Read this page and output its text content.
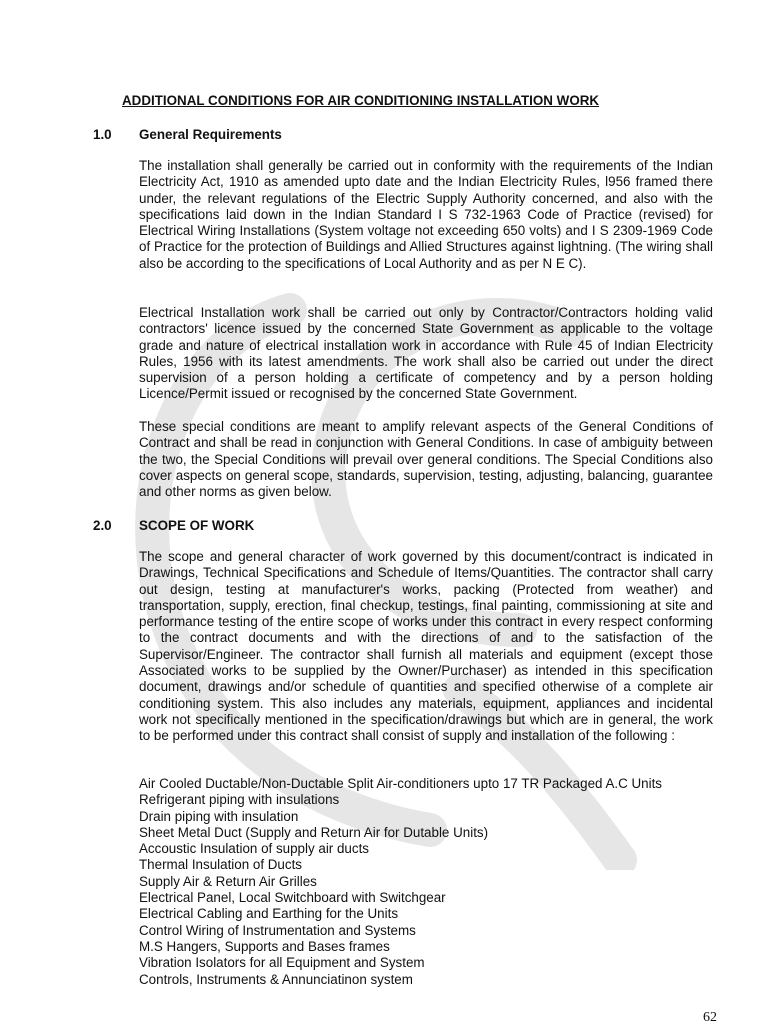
ADDITIONAL CONDITIONS FOR AIR CONDITIONING INSTALLATION WORK
1.0 General Requirements

The installation shall generally be carried out in conformity with the requirements of the Indian Electricity Act, 1910 as amended upto date and the Indian Electricity Rules, l956 framed there under, the relevant regulations of the Electric Supply Authority concerned, and also with the specifications laid down in the Indian Standard I S 732-1963 Code of Practice (revised) for Electrical Wiring Installations (System voltage not exceeding 650 volts) and I S 2309-1969 Code of Practice for the protection of Buildings and Allied Structures against lightning. (The wiring shall also be according to the specifications of Local Authority and as per N E C).

Electrical Installation work shall be carried out only by Contractor/Contractors holding valid contractors' licence issued by the concerned State Government as applicable to the voltage grade and nature of electrical installation work in accordance with Rule 45 of Indian Electricity Rules, 1956 with its latest amendments. The work shall also be carried out under the direct supervision of a person holding a certificate of competency and by a person holding Licence/Permit issued or recognised by the concerned State Government.

These special conditions are meant to amplify relevant aspects of the General Conditions of Contract and shall be read in conjunction with General Conditions. In case of ambiguity between the two, the Special Conditions will prevail over general conditions. The Special Conditions also cover aspects on general scope, standards, supervision, testing, adjusting, balancing, guarantee and other norms as given below.

2.0 SCOPE OF WORK

The scope and general character of work governed by this document/contract is indicated in Drawings, Technical Specifications and Schedule of Items/Quantities. The contractor shall carry out design, testing at manufacturer's works, packing (Protected from weather) and transportation, supply, erection, final checkup, testings, final painting, commissioning at site and performance testing of the entire scope of works under this contract in every respect conforming to the contract documents and with the directions of and to the satisfaction of the Supervisor/Engineer. The contractor shall furnish all materials and equipment (except those Associated works to be supplied by the Owner/Purchaser) as intended in this specification document, drawings and/or schedule of quantities and specified otherwise of a complete air conditioning system. This also includes any materials, equipment, appliances and incidental work not specifically mentioned in the specification/drawings but which are in general, the work to be performed under this contract shall consist of supply and installation of the following :

Air Cooled Ductable/Non-Ductable Split Air-conditioners upto 17 TR Packaged A.C Units
Refrigerant piping with insulations
Drain piping with insulation
Sheet Metal Duct (Supply and Return Air for Dutable Units)
Accoustic Insulation of supply air ducts
Thermal Insulation of Ducts
Supply Air & Return Air Grilles
Electrical Panel, Local Switchboard with Switchgear
Electrical Cabling and Earthing for the Units
Control Wiring of Instrumentation and Systems
M.S Hangers, Supports and Bases frames
Vibration Isolators for all Equipment and System
Controls, Instruments & Annunciatinon system
62
